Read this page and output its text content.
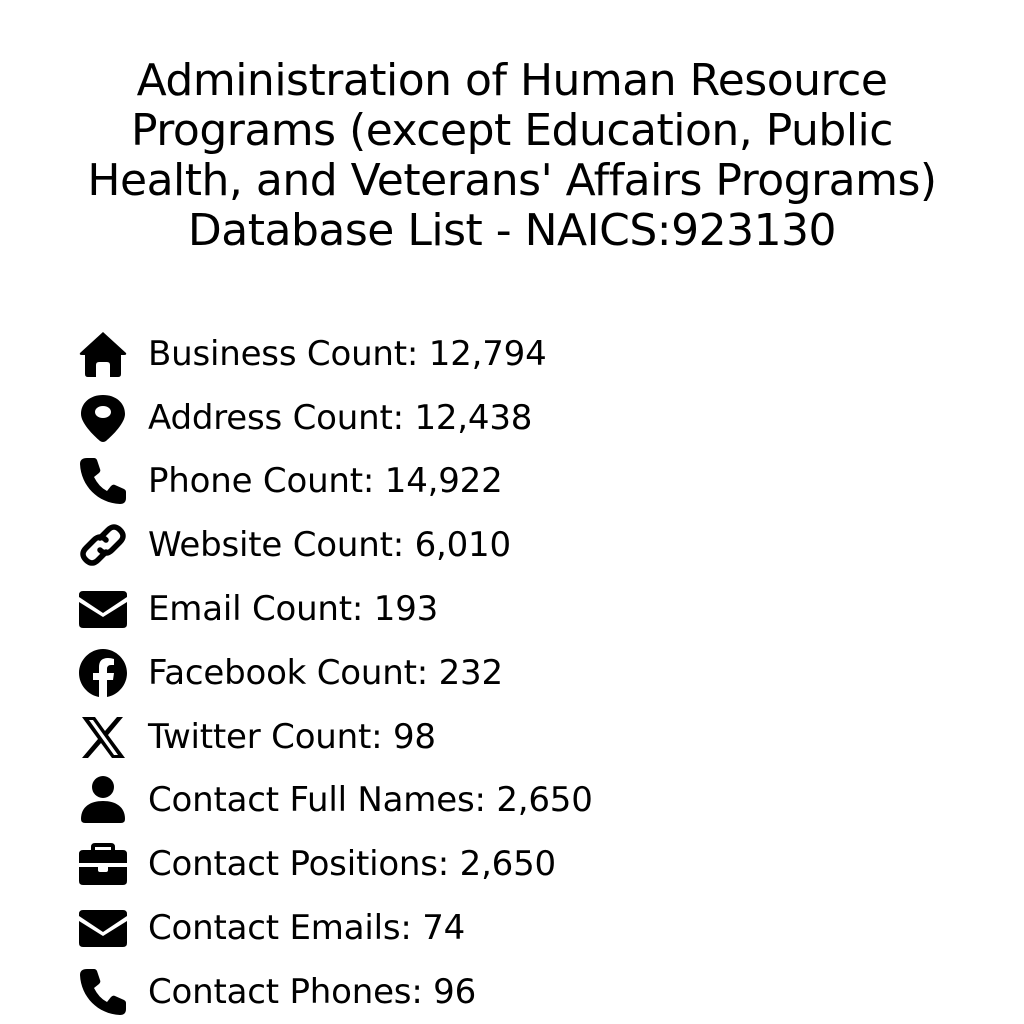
Administration of Human Resource
Programs (except Education, Public
Health, and Veterans' Affairs Programs)
Database List - NAICS:923130
Business Count: 12,794
Address Count: 12,438
Phone Count: 14,922
Website Count: 6,010
Email Count: 193
Facebook Count: 232
Twitter Count: 98
Contact Full Names: 2,650
Contact Positions: 2,650
Contact Emails: 74
Contact Phones: 96
